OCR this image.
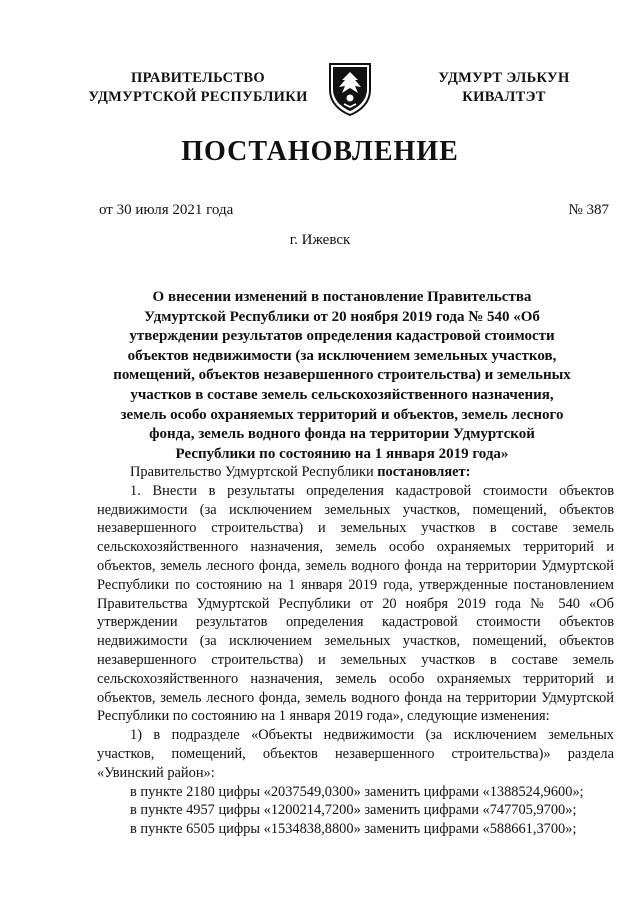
ПРАВИТЕЛЬСТВО
УДМУРТСКОЙ РЕСПУБЛИКИ
УДМУРТ ЭЛЬКУН
КИВАЛТЭТ
ПОСТАНОВЛЕНИЕ
от 30 июля 2021 года	№ 387
г. Ижевск
О внесении изменений в постановление Правительства Удмуртской Республики от 20 ноября 2019 года № 540 «Об утверждении результатов определения кадастровой стоимости объектов недвижимости (за исключением земельных участков, помещений, объектов незавершенного строительства) и земельных участков в составе земель сельскохозяйственного назначения, земель особо охраняемых территорий и объектов, земель лесного фонда, земель водного фонда на территории Удмуртской Республики по состоянию на 1 января 2019 года»

Правительство Удмуртской Республики постановляет:

1. Внести в результаты определения кадастровой стоимости объектов недвижимости (за исключением земельных участков, помещений, объектов незавершенного строительства) и земельных участков в составе земель сельскохозяйственного назначения, земель особо охраняемых территорий и объектов, земель лесного фонда, земель водного фонда на территории Удмуртской Республики по состоянию на 1 января 2019 года, утвержденные постановлением Правительства Удмуртской Республики от 20 ноября 2019 года № 540 «Об утверждении результатов определения кадастровой стоимости объектов недвижимости (за исключением земельных участков, помещений, объектов незавершенного строительства) и земельных участков в составе земель сельскохозяйственного назначения, земель особо охраняемых территорий и объектов, земель лесного фонда, земель водного фонда на территории Удмуртской Республики по состоянию на 1 января 2019 года», следующие изменения:

1) в подразделе «Объекты недвижимости (за исключением земельных участков, помещений, объектов незавершенного строительства)» раздела «Увинский район»:

в пункте 2180 цифры «2037549,0300» заменить цифрами «1388524,9600»;

в пункте 4957 цифры «1200214,7200» заменить цифрами «747705,9700»;

в пункте 6505 цифры «1534838,8800» заменить цифрами «588661,3700»;
